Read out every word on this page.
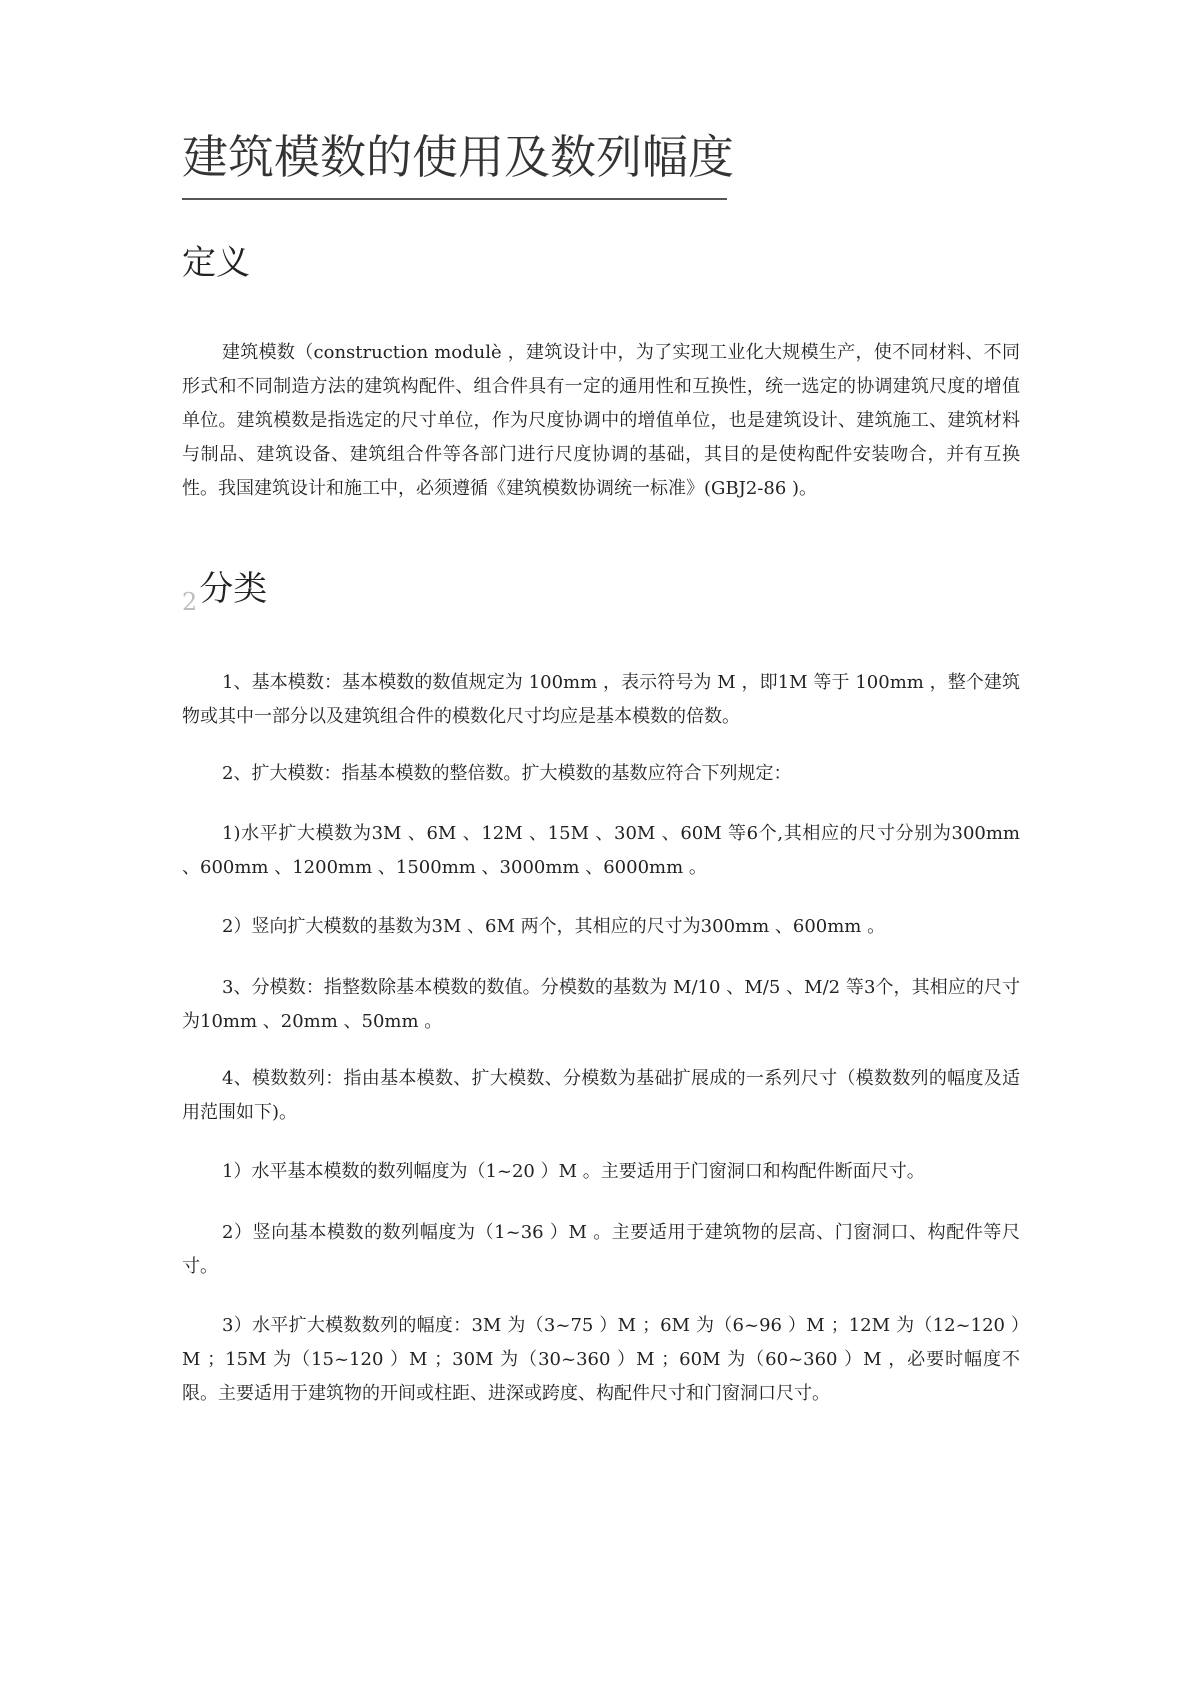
建筑模数的使用及数列幅度
定义

建筑模数（construction modulè ，建筑设计中，为了实现工业化大规模生产，使不同材料、不同形式和不同制造方法的建筑构配件、组合件具有一定的通用性和互换性，统一选定的协调建筑尺度的增值单位。建筑模数是指选定的尺寸单位，作为尺度协调中的增值单位，也是建筑设计、建筑施工、建筑材料与制品、建筑设备、建筑组合件等各部门进行尺度协调的基础，其目的是使构配件安装吻合，并有互换性。我国建筑设计和施工中，必须遵循《建筑模数协调统一标准》(GBJ2-86 )。

$_2$分类

1、基本模数：基本模数的数值规定为 100mm ，表示符号为 M ，即1M 等于 100mm ，整个建筑物或其中一部分以及建筑组合件的模数化尺寸均应是基本模数的倍数。

2、扩大模数：指基本模数的整倍数。扩大模数的基数应符合下列规定：

1)水平扩大模数为3M 、6M 、12M 、15M 、30M 、60M 等6个,其相应的尺寸分别为300mm 、600mm 、1200mm 、1500mm 、3000mm 、6000mm 。

2）竖向扩大模数的基数为3M 、6M 两个，其相应的尺寸为300mm 、600mm 。

3、分模数：指整数除基本模数的数值。分模数的基数为 M/10 、M/5 、M/2 等3个，其相应的尺寸为10mm 、20mm 、50mm 。

4、模数数列：指由基本模数、扩大模数、分模数为基础扩展成的一系列尺寸（模数数列的幅度及适用范围如下)。

1）水平基本模数的数列幅度为（1~20 ）M 。主要适用于门窗洞口和构配件断面尺寸。

2）竖向基本模数的数列幅度为（1~36 ）M 。主要适用于建筑物的层高、门窗洞口、构配件等尺寸。

3）水平扩大模数数列的幅度：3M 为（3~75 ）M ；6M 为（6~96 ）M ；12M 为（12~120 ）M ；15M 为（15~120 ）M ；30M 为（30~360 ）M ；60M 为（60~360 ）M ，必要时幅度不限。主要适用于建筑物的开间或柱距、进深或跨度、构配件尺寸和门窗洞口尺寸。
